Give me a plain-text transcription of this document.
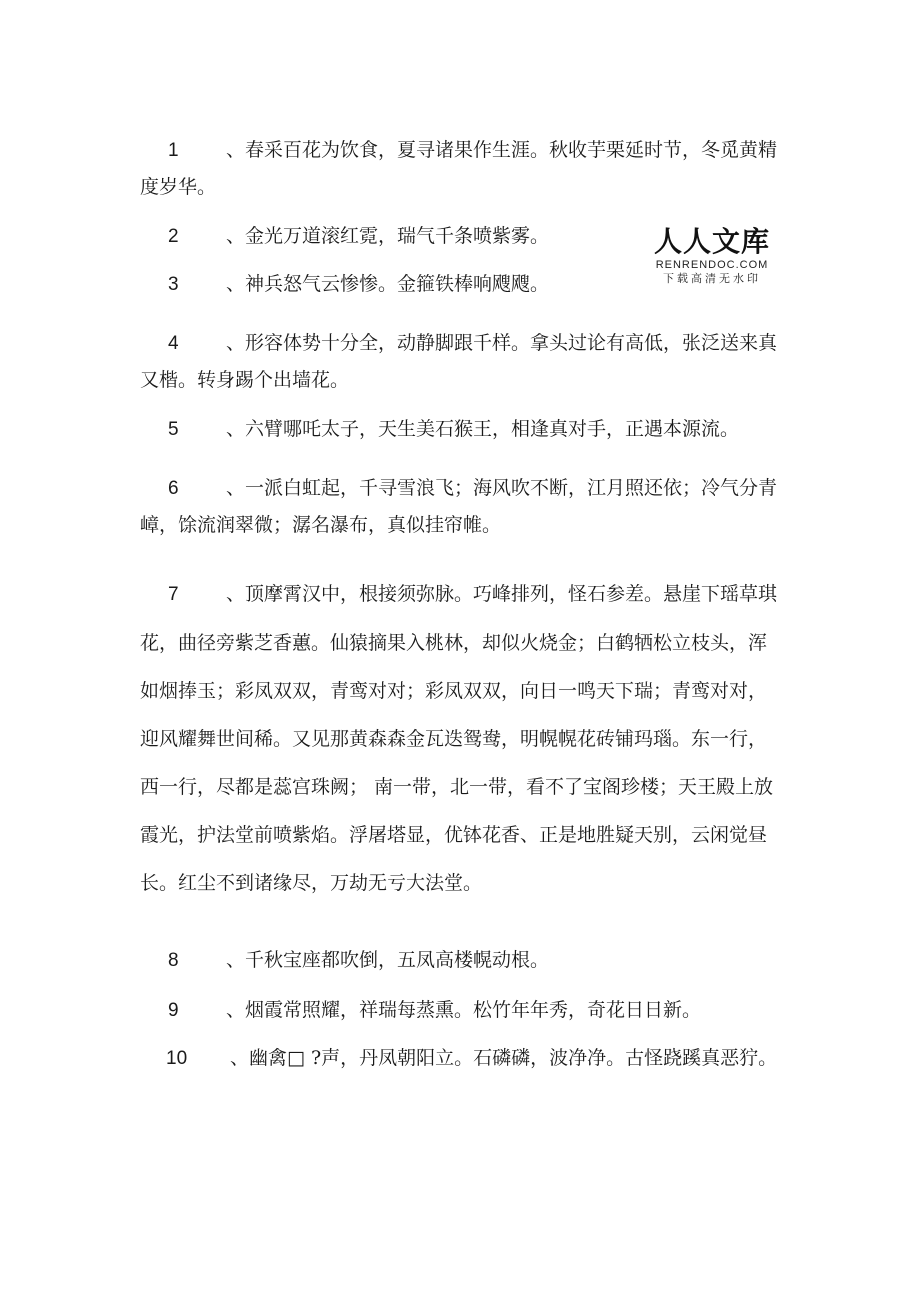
1 、春采百花为饮食，夏寻诸果作生涯。秋收芋栗延时节，冬觅黄精度岁华。

2 、金光万道滚红霓，瑞气千条喷紫雾。

3 、神兵怒气云惨惨。金箍铁棒响飕飕。

4 、形容体势十分全，动静脚跟千样。拿头过论有高低，张泛送来真又楷。转身踢个出墙花。

5 、六臂哪吒太子，天生美石猴王，相逢真对手，正遇本源流。

6 、一派白虹起，千寻雪浪飞；海风吹不断，江月照还依；冷气分青嶂，馀流润翠微；潺名瀑布，真似挂帘帷。

7 、顶摩霄汉中，根接须弥脉。巧峰排列，怪石参差。悬崖下瑶草琪花，曲径旁紫芝香蕙。仙猿摘果入桃林，却似火烧金；白鹤牺松立枝头，浑如烟捧玉；彩凤双双，青鸾对对；彩凤双双，向日一鸣天下瑞；青鸾对对，迎风耀舞世间稀。又见那黄森森金瓦迭鸳鸯，明幌幌花砖铺玛瑙。东一行，西一行，尽都是蕊宫珠阙； 南一带，北一带，看不了宝阁珍楼；天王殿上放霞光，护法堂前喷紫焰。浮屠塔显，优钵花香、正是地胜疑天别，云闲觉昼长。红尘不到诸缘尽，万劫无亏大法堂。

8 、千秋宝座都吹倒，五凤高楼幌动根。

9 、烟霞常照耀，祥瑞每蒸熏。松竹年年秀，奇花日日新。

10 、幽禽□ ?声，丹凤朝阳立。石磷磷，波净净。古怪跷蹊真恶狞。

人人文库
RENRENDOC.COM
下载高清无水印
